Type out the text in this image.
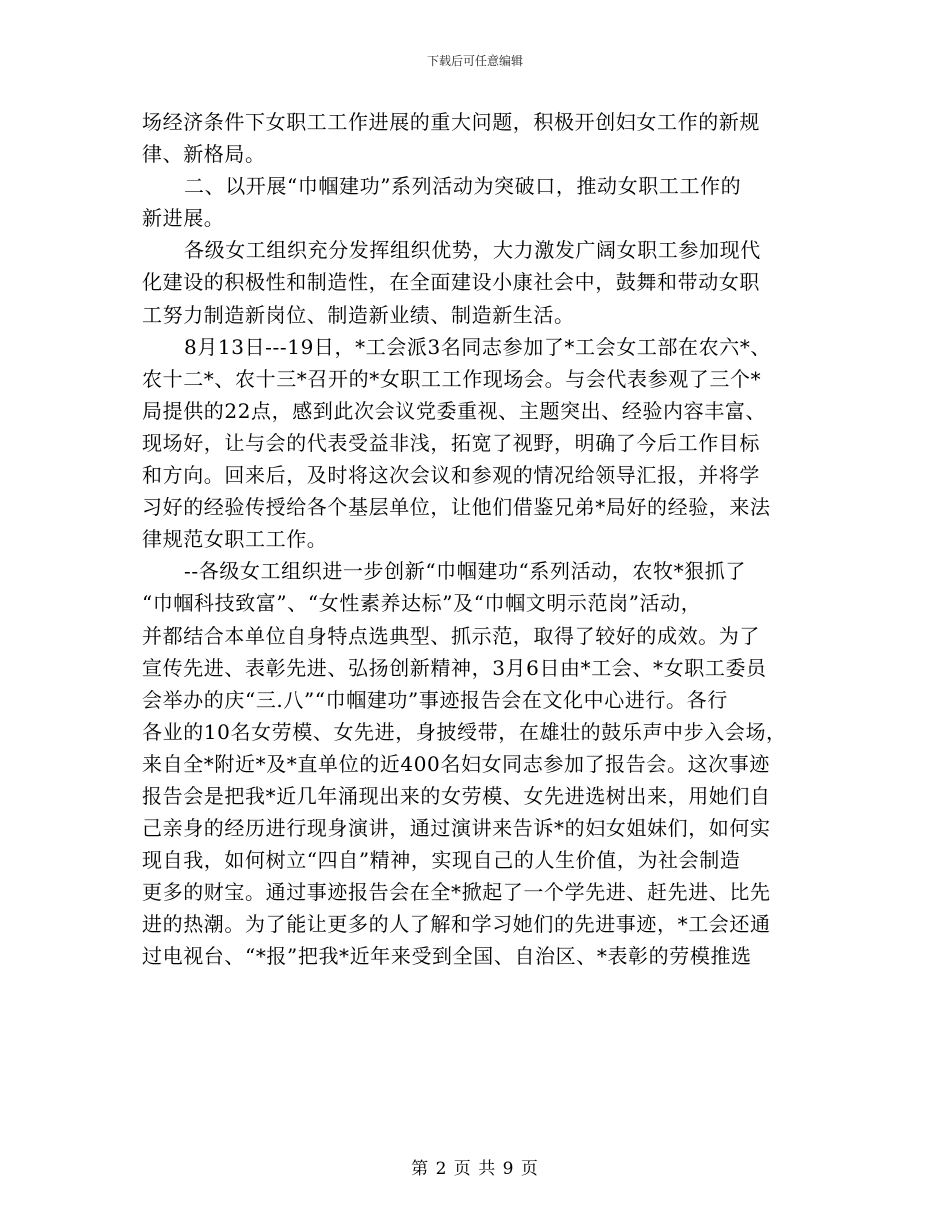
下载后可任意编辑
场经济条件下女职工工作进展的重大问题，积极开创妇女工作的新规
律、新格局。
二、以开展“巾帼建功”系列活动为突破口，推动女职工工作的
新进展。
各级女工组织充分发挥组织优势，大力激发广阔女职工参加现代
化建设的积极性和制造性，在全面建设小康社会中，鼓舞和带动女职
工努力制造新岗位、制造新业绩、制造新生活。
8月13日---19日，*工会派3名同志参加了*工会女工部在农六*、
农十二*、农十三*召开的*女职工工作现场会。与会代表参观了三个*
局提供的22点，感到此次会议党委重视、主题突出、经验内容丰富、
现场好，让与会的代表受益非浅，拓宽了视野，明确了今后工作目标
和方向。回来后，及时将这次会议和参观的情况给领导汇报，并将学
习好的经验传授给各个基层单位，让他们借鉴兄弟*局好的经验，来法
律规范女职工工作。
--各级女工组织进一步创新“巾帼建功“系列活动，农牧*狠抓了
“巾帼科技致富”、“女性素养达标”及“巾帼文明示范岗”活动，
并都结合本单位自身特点选典型、抓示范，取得了较好的成效。为了
宣传先进、表彰先进、弘扬创新精神，3月6日由*工会、*女职工委员
会举办的庆“三.八”“巾帼建功”事迹报告会在文化中心进行。各行
各业的10名女劳模、女先进，身披绶带，在雄壮的鼓乐声中步入会场，
来自全*附近*及*直单位的近400名妇女同志参加了报告会。这次事迹
报告会是把我*近几年涌现出来的女劳模、女先进选树出来，用她们自
己亲身的经历进行现身演讲，通过演讲来告诉*的妇女姐妹们，如何实
现自我，如何树立“四自”精神，实现自己的人生价值，为社会制造
更多的财宝。通过事迹报告会在全*掀起了一个学先进、赶先进、比先
进的热潮。为了能让更多的人了解和学习她们的先进事迹，*工会还通
过电视台、“*报”把我*近年来受到全国、自治区、*表彰的劳模推选
第 2 页 共 9 页
